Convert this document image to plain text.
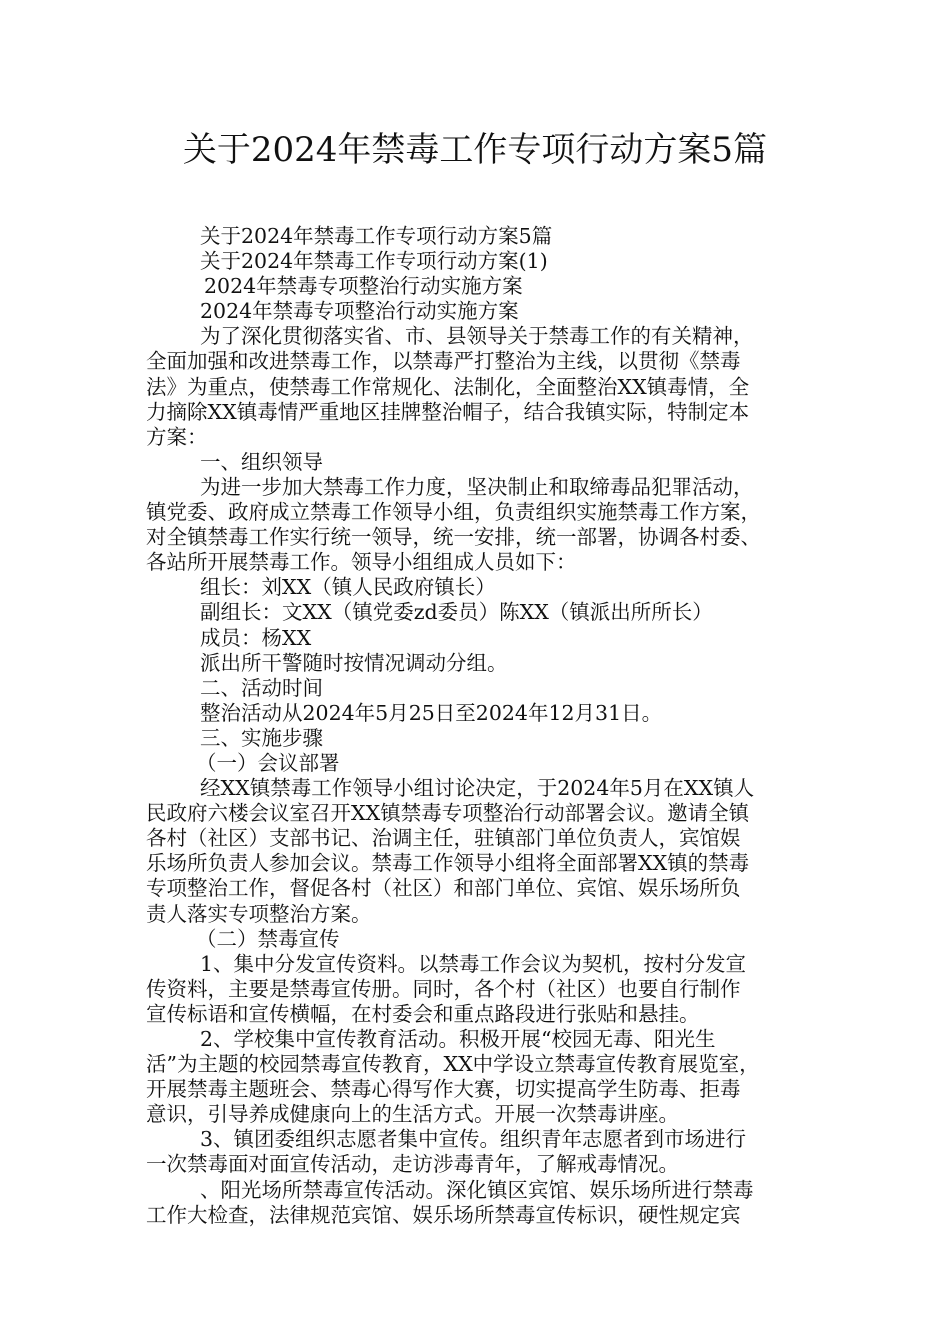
关于2024年禁毒工作专项行动方案5篇
关于2024年禁毒工作专项行动方案5篇
关于2024年禁毒工作专项行动方案(1)
2024年禁毒专项整治行动实施方案
2024年禁毒专项整治行动实施方案
为了深化贯彻落实省、市、县领导关于禁毒工作的有关精神，
全面加强和改进禁毒工作，以禁毒严打整治为主线，以贯彻《禁毒
法》为重点，使禁毒工作常规化、法制化，全面整治XX镇毒情，全
力摘除XX镇毒情严重地区挂牌整治帽子，结合我镇实际，特制定本
方案：
一、组织领导
为进一步加大禁毒工作力度，坚决制止和取缔毒品犯罪活动，
镇党委、政府成立禁毒工作领导小组，负责组织实施禁毒工作方案，
对全镇禁毒工作实行统一领导，统一安排，统一部署，协调各村委、
各站所开展禁毒工作。领导小组组成人员如下：
组长：刘XX（镇人民政府镇长）
副组长：文XX（镇党委zd委员）陈XX（镇派出所所长）
成员：杨XX
派出所干警随时按情况调动分组。
二、活动时间
整治活动从2024年5月25日至2024年12月31日。
三、实施步骤
（一）会议部署
经XX镇禁毒工作领导小组讨论决定，于2024年5月在XX镇人
民政府六楼会议室召开XX镇禁毒专项整治行动部署会议。邀请全镇
各村（社区）支部书记、治调主任，驻镇部门单位负责人，宾馆娱
乐场所负责人参加会议。禁毒工作领导小组将全面部署XX镇的禁毒
专项整治工作，督促各村（社区）和部门单位、宾馆、娱乐场所负
责人落实专项整治方案。
（二）禁毒宣传
1、集中分发宣传资料。以禁毒工作会议为契机，按村分发宣
传资料，主要是禁毒宣传册。同时，各个村（社区）也要自行制作
宣传标语和宣传横幅，在村委会和重点路段进行张贴和悬挂。
2、学校集中宣传教育活动。积极开展“校园无毒、阳光生
活”为主题的校园禁毒宣传教育，XX中学设立禁毒宣传教育展览室，
开展禁毒主题班会、禁毒心得写作大赛，切实提高学生防毒、拒毒
意识，引导养成健康向上的生活方式。开展一次禁毒讲座。
3、镇团委组织志愿者集中宣传。组织青年志愿者到市场进行
一次禁毒面对面宣传活动，走访涉毒青年，了解戒毒情况。
、阳光场所禁毒宣传活动。深化镇区宾馆、娱乐场所进行禁毒
工作大检查，法律规范宾馆、娱乐场所禁毒宣传标识，硬性规定宾
